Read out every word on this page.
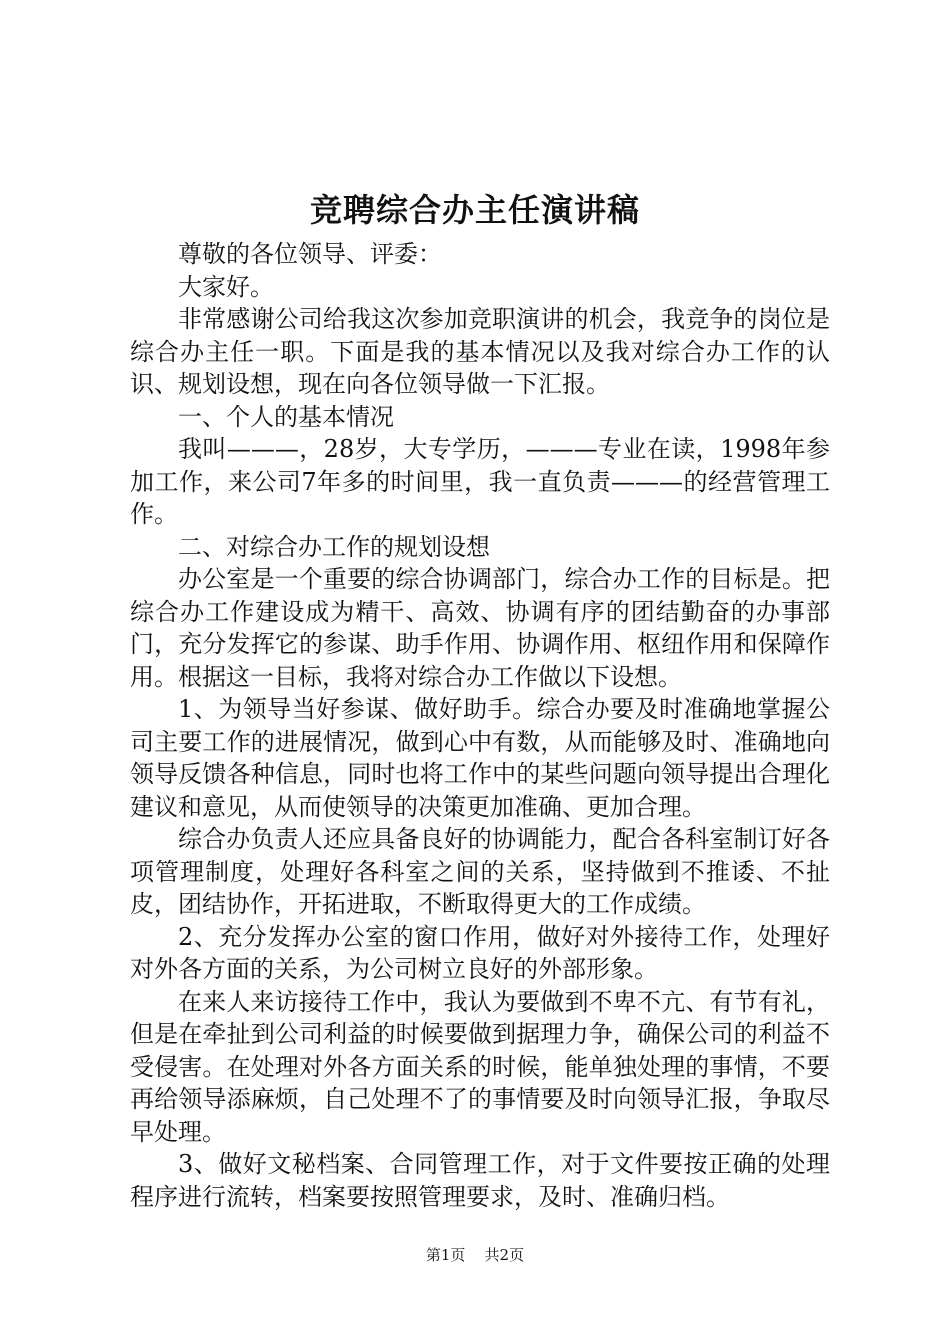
竞聘综合办主任演讲稿

尊敬的各位领导、评委：

大家好。

非常感谢公司给我这次参加竞职演讲的机会，我竞争的岗位是综合办主任一职。下面是我的基本情况以及我对综合办工作的认识、规划设想，现在向各位领导做一下汇报。

一、个人的基本情况

我叫———，28岁，大专学历，———专业在读，1998年参加工作，来公司7年多的时间里，我一直负责———的经营管理工作。

二、对综合办工作的规划设想

办公室是一个重要的综合协调部门，综合办工作的目标是。把综合办工作建设成为精干、高效、协调有序的团结勤奋的办事部门，充分发挥它的参谋、助手作用、协调作用、枢纽作用和保障作用。根据这一目标，我将对综合办工作做以下设想。

1、为领导当好参谋、做好助手。综合办要及时准确地掌握公司主要工作的进展情况，做到心中有数，从而能够及时、准确地向领导反馈各种信息，同时也将工作中的某些问题向领导提出合理化建议和意见，从而使领导的决策更加准确、更加合理。

综合办负责人还应具备良好的协调能力，配合各科室制订好各项管理制度，处理好各科室之间的关系，坚持做到不推诿、不扯皮，团结协作，开拓进取，不断取得更大的工作成绩。

2、充分发挥办公室的窗口作用，做好对外接待工作，处理好对外各方面的关系，为公司树立良好的外部形象。

在来人来访接待工作中，我认为要做到不卑不亢、有节有礼，但是在牵扯到公司利益的时候要做到据理力争，确保公司的利益不受侵害。在处理对外各方面关系的时候，能单独处理的事情，不要再给领导添麻烦，自己处理不了的事情要及时向领导汇报，争取尽早处理。

3、做好文秘档案、合同管理工作，对于文件要按正确的处理程序进行流转，档案要按照管理要求，及时、准确归档。

第1页 共2页
